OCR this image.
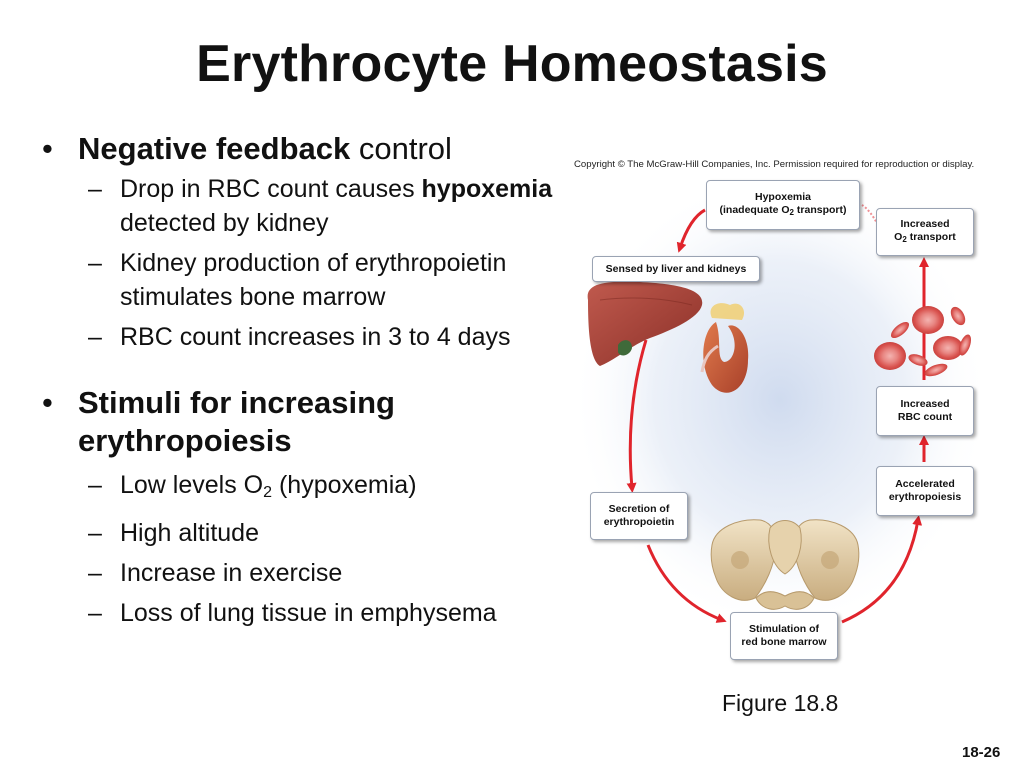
Erythrocyte Homeostasis
• Negative feedback control
– Drop in RBC count causes hypoxemia detected by kidney
– Kidney production of erythropoietin stimulates bone marrow
– RBC count increases in 3 to 4 days
• Stimuli for increasing erythropoiesis
– Low levels $O_2$ (hypoxemia)
– High altitude
– Increase in exercise
– Loss of lung tissue in emphysema
Copyright © The McGraw-Hill Companies, Inc. Permission required for reproduction or display.
Hypoxemia
(inadequate $O_2$ transport)
Increased
$O_2$ transport
Sensed by liver and kidneys
Increased
RBC count
Accelerated
erythropoiesis
Secretion of
erythropoietin
Stimulation of
red bone marrow
Figure 18.8
18-26
